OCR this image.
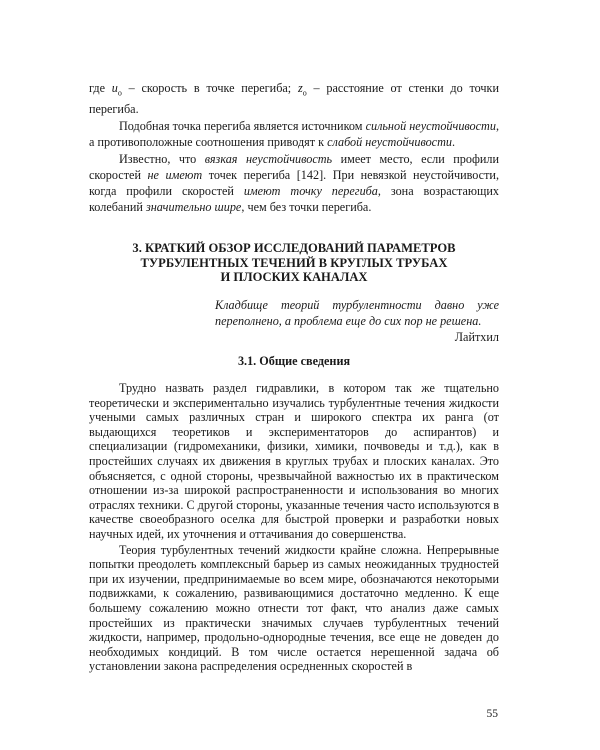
где $u_o$ – скорость в точке перегиба; $z_o$ – расстояние от стенки до точки перегиба.

Подобная точка перегиба является источником сильной неустойчивости, а противоположные соотношения приводят к слабой неустойчивости.

Известно, что вязкая неустойчивость имеет место, если профили скоростей не имеют точек перегиба [142]. При невязкой неустойчивости, когда профили скоростей имеют точку перегиба, зона возрастающих колебаний значительно шире, чем без точки перегиба.

3. КРАТКИЙ ОБЗОР ИССЛЕДОВАНИЙ ПАРАМЕТРОВ
ТУРБУЛЕНТНЫХ ТЕЧЕНИЙ В КРУГЛЫХ ТРУБАХ
И ПЛОСКИХ КАНАЛАХ
Кладбище теорий турбулентности давно уже переполнено, а проблема еще до сих пор не решена.
Лайтхил
3.1. Общие сведения

Трудно назвать раздел гидравлики, в котором так же тщательно теоретически и экспериментально изучались турбулентные течения жидкости учеными самых различных стран и широкого спектра их ранга (от выдающихся теоретиков и экспериментаторов до аспирантов) и специализации (гидромеханики, физики, химики, почвоведы и т.д.), как в простейших случаях их движения в круглых трубах и плоских каналах. Это объясняется, с одной стороны, чрезвычайной важностью их в практическом отношении из-за широкой распространенности и использования во многих отраслях техники. С другой стороны, указанные течения часто используются в качестве своеобразного оселка для быстрой проверки и разработки новых научных идей, их уточнения и оттачивания до совершенства.

Теория турбулентных течений жидкости крайне сложна. Непрерывные попытки преодолеть комплексный барьер из самых неожиданных трудностей при их изучении, предпринимаемые во всем мире, обозначаются некоторыми подвижками, к сожалению, развивающимися достаточно медленно. К еще большему сожалению можно отнести тот факт, что анализ даже самых простейших из практически значимых случаев турбулентных течений жидкости, например, продольно-однородные течения, все еще не доведен до необходимых кондиций. В том числе остается нерешенной задача об установлении закона распределения осредненных скоростей в

55
